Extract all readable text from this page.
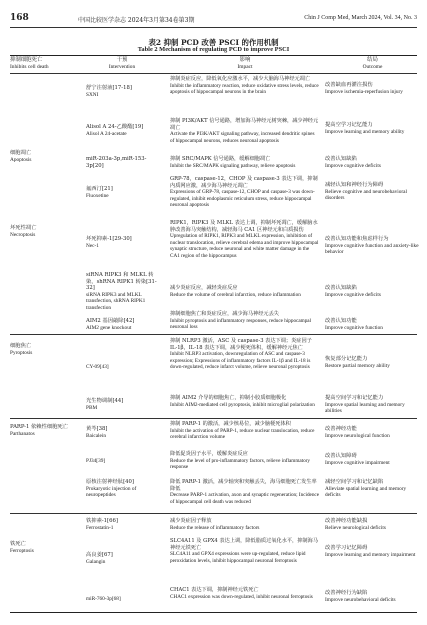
168	中国比较医学杂志 2024年3月第34卷第3期	Chin J Comp Med, March 2024, Vol. 34, No. 3
表2 抑制 PCD 改善 PSCI 的作用机制
Table 2 Mechanism of regulating PCD to improve PSCI
抑制细胞死亡
Inhibits cell death
干预
Intervention
影响
Impact
结局
Outcome
细胞凋亡
Apoptosis
坏死性凋亡
Necroptosis
细胞焦亡
Pyroptosis
PARP-1 依赖性细胞死亡
Parthanatos
铁死亡
Ferroptosis
舒宁注射液[17-18]
SXNI
抑制炎症反应，降低氧化应激水平，减少大脑海马神经元凋亡
Inhibit the inflammatory reaction, reduce oxidative stress levels, reduce apoptosis of hippocampal neurons in the brain
改善缺血再灌注损伤
Improve ischemia-reperfusion injury
Alisol A 24-乙酸酯[19]
Alisol A 24-acetate
抑制 PI3K/AKT 信号通路，增加海马神经元树突棘，减少神经元凋亡
Activate the PI3K/AKT signaling pathway, increased dendritic spines of hippocampal neurons, reduces neuronal apoptosis
提高空学习记忆能力
Improve learning and memory ability
miR-203a-3p,miR-153-3p[20]
抑制 SRC/MAPK 信号通路，缓解细胞凋亡
Inhibit the SRC/MAPK signaling pathway, relieve apoptosis
改善认知缺陷
Improve cognitive deficits
氟西汀[21]
Fluoxetine
GRP-78，caspase-12，CHOP 及 caspase-3 表达下调，抑制内质网应激，减少海马神经元凋亡
Expressions of GRP-78, caspase-12, CHOP and caspase-3 was down-regulated, inhibit endoplasmic reticulum stress, reduce hippocampal neuronal apoptosis
减轻认知和神经行为障碍
Relieve cognitive and neurobehavioral disorders
坏死抑素-1[29-30]
Nec-1
RIPK1，RIPK3 及 MLKL 表达上调，抑制坏死凋亡，缓解脑水肿改善海马突触结构，减轻海马 CA1 区神经元和白质损伤
Upregulation of RIPK1, RIPK3 and MLKL expression, inhibition of nuclear translocation, relieve cerebral edema and improve hippocampal synaptic structure, reduce neuronal and white matter damage in the CA1 region of the hippocampus
改善认知功能和焦虑样行为
Improve cognitive function and anxiety-like behavior
siRNA RIPK3 和 MLKL 转染，shRNA RIPK1 转染[31-32]
siRNA RIPK3 and MLKL transfection, shRNA RIPK1 transfection
减少炎症反应，减轻炎症反应
Reduce the volume of cerebral infarction, reduce inflammation
改善认知缺陷
Improve cognitive deficits
AIM2 基因敲除[42]
AIM2 gene knockout
抑制细胞焦亡和炎症反应，减少海马神经元丢失
Inhibit pyroptosis and inflammatory responses, reduce hippocampal neuronal loss
改善认知功能
Improve cognitive function
CY-09[43]
抑制 NLRP3 激活，ASC 及 caspase-3 表达下调；炎症因子 IL-1β，IL-18 表达下调，减少梗死体积，缓解神经元焦亡
Inhibit NLRP3 activation, downregulation of ASC and caspase-3 expression; Expressions of inflammatory factors IL-1β and IL-18 is down-regulated, reduce infarct volume, relieve neuronal pyroptosis
恢复部分记忆能力
Restore partial memory ability
光生物调制[44]
PBM
抑制 AIM2 介导的细胞焦亡，抑制小胶质细胞极化
Inhibit AIM2-mediated cell pyroptosis, inhibit microglial polarization
提高空间学习和记忆能力
Improve spatial learning and memory abilities
黄芩[38]
Baicalein
抑制 PARP-1 的激活，减少核易位，减少脑梗死体积
Inhibit the activation of PARP-1, reduce nuclear translocation, reduce cerebral infarction volume
改善神经功能
Improve neurological function
PJ34[39]
降低促炎因子水平，缓解炎症反应
Reduce the level of pro-inflammatory factors, relieve inflammatory response
改善认知障碍
Improve cognitive impairment
原核注射神经肽[40]
Prokaryotic injection of neuropeptides
降低 PARP-1 激活，减少轴突和突触丢失，海马细胞死亡发生率降低
Decrease PARP-1 activation, axon and synaptic regeneration; Incidence of hippocampal cell death was reduced
减轻空间学习和记忆缺陷
Alleviate spatial learning and memory deficits
铁抑素-1[66]
Ferrostatin-1
减少炎症因子释放
Reduce the release of inflammatory factors
改善神经功能缺损
Relieve neurological deficits
高良姜[67]
Galangin
SLC4A11 及 GPX4 表达上调，降低脂质过氧化水平，抑制海马神经元铁死亡
SLC4A11 and GPX4 expressions were up-regulated, reduce lipid peroxidation levels, inhibit hippocampal neuronal ferroptosis
改善学习记忆障碍
Improve learning and memory impairment
miR-760-3p[68]
CHAC1 表达下调，抑制神经元铁死亡
CHAC1 expression was down-regulated, inhibit neuronal ferroptosis
改善神经行为缺陷
Improve neurobehavioral deficits
